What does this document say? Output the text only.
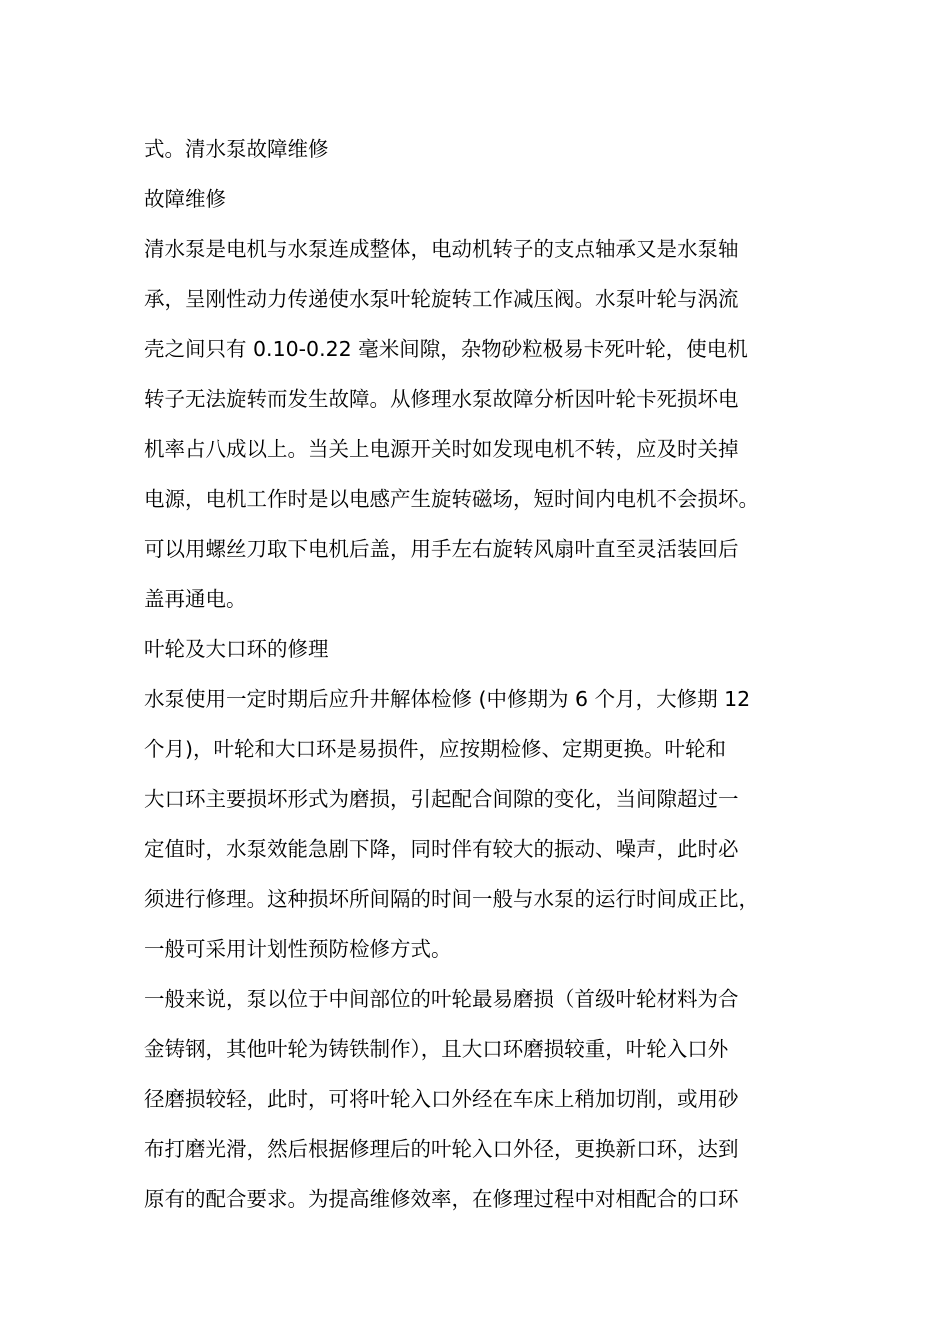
式。清水泵故障维修
故障维修
清水泵是电机与水泵连成整体，电动机转子的支点轴承又是水泵轴
承，呈刚性动力传递使水泵叶轮旋转工作减压阀。水泵叶轮与涡流
壳之间只有 0.10-0.22 毫米间隙，杂物砂粒极易卡死叶轮，使电机
转子无法旋转而发生故障。从修理水泵故障分析因叶轮卡死损坏电
机率占八成以上。当关上电源开关时如发现电机不转，应及时关掉
电源，电机工作时是以电感产生旋转磁场，短时间内电机不会损坏。
可以用螺丝刀取下电机后盖，用手左右旋转风扇叶直至灵活装回后
盖再通电。
叶轮及大口环的修理
水泵使用一定时期后应升井解体检修 (中修期为 6 个月，大修期 12
个月)，叶轮和大口环是易损件，应按期检修、定期更换。叶轮和
大口环主要损坏形式为磨损，引起配合间隙的变化，当间隙超过一
定值时，水泵效能急剧下降，同时伴有较大的振动、噪声，此时必
须进行修理。这种损坏所间隔的时间一般与水泵的运行时间成正比，
一般可采用计划性预防检修方式。
一般来说，泵以位于中间部位的叶轮最易磨损（首级叶轮材料为合
金铸钢，其他叶轮为铸铁制作），且大口环磨损较重，叶轮入口外
径磨损较轻，此时，可将叶轮入口外经在车床上稍加切削，或用砂
布打磨光滑，然后根据修理后的叶轮入口外径，更换新口环，达到
原有的配合要求。为提高维修效率，在修理过程中对相配合的口环
